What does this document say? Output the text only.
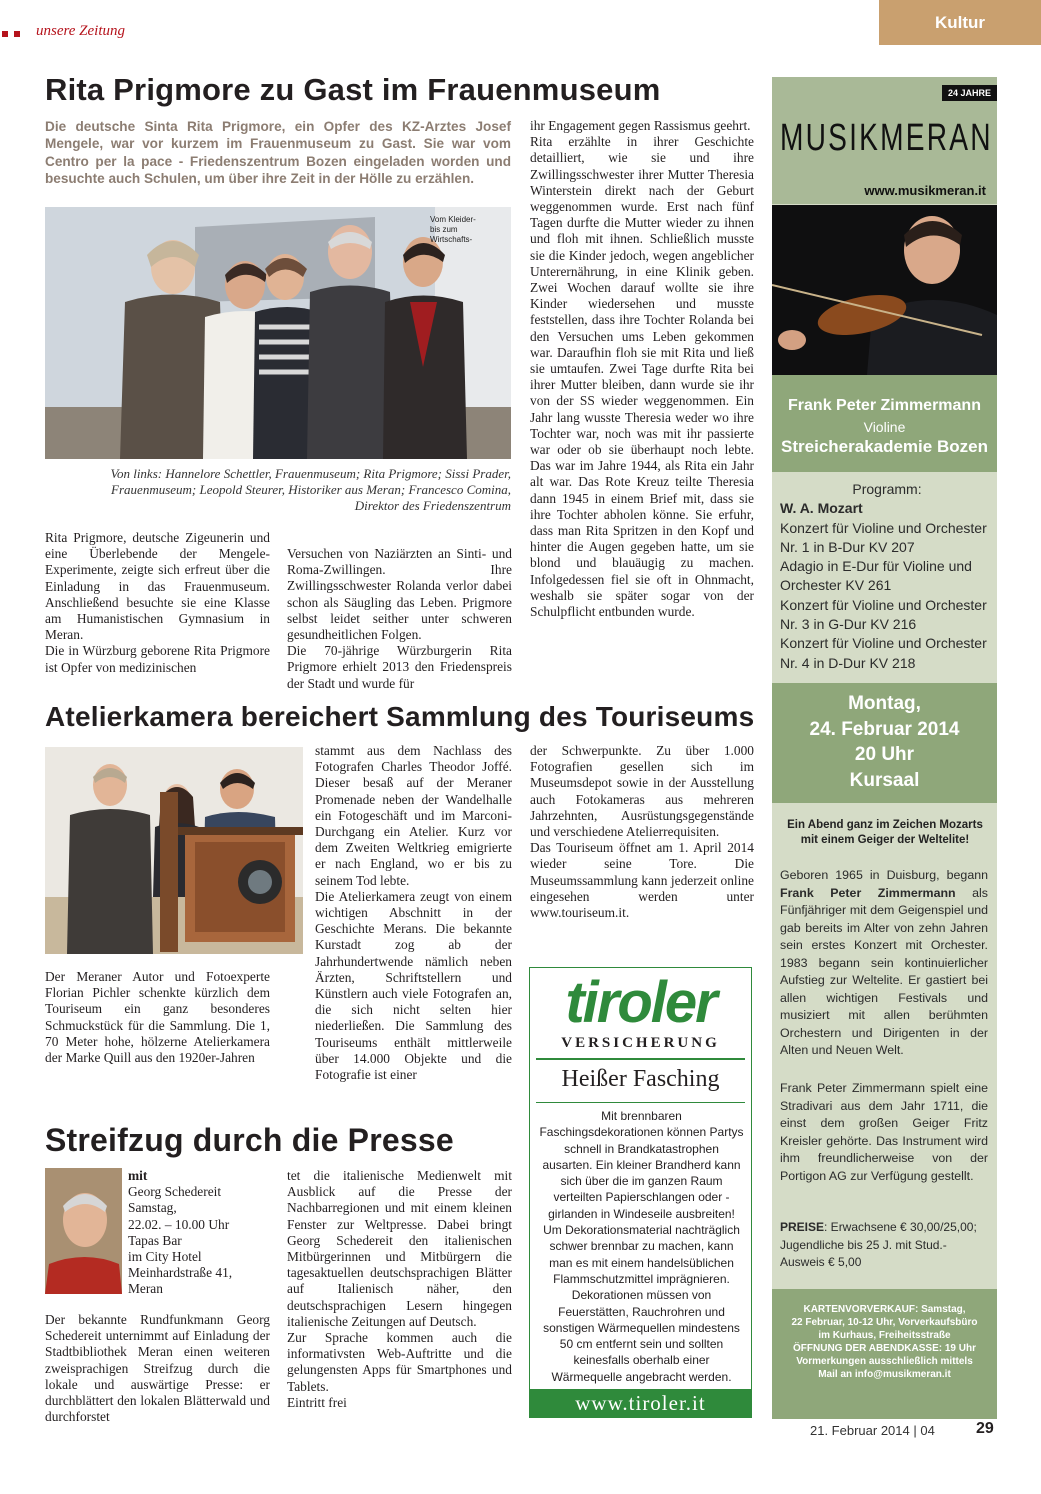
unsere Zeitung	Kultur
Rita Prigmore zu Gast im Frauenmuseum
Die deutsche Sinta Rita Prigmore, ein Opfer des KZ-Arztes Josef Mengele, war vor kurzem im Frauenmuseum zu Gast. Sie war vom Centro per la pace - Friedenszentrum Bozen eingeladen worden und besuchte auch Schulen, um über ihre Zeit in der Hölle zu erzählen.
Vom Kleider-
bis zum
Wirtschafts-
Von links: Hannelore Schettler, Frauenmuseum; Rita Prigmore; Sissi Prader, Frauenmuseum; Leopold Steurer, Historiker aus Meran; Francesco Comina, Direktor des Friedenszentrum

Rita Prigmore, deutsche Zigeunerin und eine Überlebende der Mengele-Experimente, zeigte sich erfreut über die Einladung in das Frauenmuseum. Anschließend besuchte sie eine Klasse am Humanistischen Gymnasium in Meran.
Die in Würzburg geborene Rita Prigmore ist Opfer von medizinischen

Versuchen von Naziärzten an Sinti- und Roma-Zwillingen. Ihre Zwillingsschwester Rolanda verlor dabei schon als Säugling das Leben. Prigmore selbst leidet seither unter schweren gesundheitlichen Folgen.
Die 70-jährige Würzburgerin Rita Prigmore erhielt 2013 den Friedenspreis der Stadt und wurde für

ihr Engagement gegen Rassismus geehrt.
Rita erzählte in ihrer Geschichte detailliert, wie sie und ihre Zwillingsschwester ihrer Mutter Theresia Winterstein direkt nach der Geburt weggenommen wurde. Erst nach fünf Tagen durfte die Mutter wieder zu ihnen und floh mit ihnen. Schließlich musste sie die Kinder jedoch, wegen angeblicher Unterernährung, in eine Klinik geben. Zwei Wochen darauf wollte sie ihre Kinder wiedersehen und musste feststellen, dass ihre Tochter Rolanda bei den Versuchen ums Leben gekommen war. Daraufhin floh sie mit Rita und ließ sie umtaufen. Zwei Tage durfte Rita bei ihrer Mutter bleiben, dann wurde sie ihr von der SS wieder weggenommen. Ein Jahr lang wusste Theresia weder wo ihre Tochter war, noch was mit ihr passierte war oder ob sie überhaupt noch lebte. Das war im Jahre 1944, als Rita ein Jahr alt war. Das Rote Kreuz teilte Theresia dann 1945 in einem Brief mit, dass sie ihre Tochter abholen könne. Sie erfuhr, dass man Rita Spritzen in den Kopf und hinter die Augen gegeben hatte, um sie blond und blauäugig zu machen. Infolgedessen fiel sie oft in Ohnmacht, weshalb sie später sogar von der Schulpflicht entbunden wurde.

Atelierkamera bereichert Sammlung des Touriseums

Der Meraner Autor und Fotoexperte Florian Pichler schenkte kürzlich dem Touriseum ein ganz besonderes Schmuckstück für die Sammlung. Die 1, 70 Meter hohe, hölzerne Atelierkamera der Marke Quill aus den 1920er-Jahren

stammt aus dem Nachlass des Fotografen Charles Theodor Joffé. Dieser besaß auf der Meraner Promenade neben der Wandelhalle ein Fotogeschäft und im Marconi-Durchgang ein Atelier. Kurz vor dem Zweiten Weltkrieg emigrierte er nach England, wo er bis zu seinem Tod lebte.
Die Atelierkamera zeugt von einem wichtigen Abschnitt in der Geschichte Merans. Die bekannte Kurstadt zog ab der Jahrhundertwende nämlich neben Ärzten, Schriftstellern und Künstlern auch viele Fotografen an, die sich nicht selten hier niederließen. Die Sammlung des Touriseums enthält mittlerweile über 14.000 Objekte und die Fotografie ist einer

der Schwerpunkte. Zu über 1.000 Fotografien gesellen sich im Museumsdepot sowie in der Ausstellung auch Fotokameras aus mehreren Jahrzehnten, Ausrüstungsgegenstände und verschiedene Atelierrequisiten.
Das Touriseum öffnet am 1. April 2014 wieder seine Tore. Die Museumssammlung kann jederzeit online eingesehen werden unter www.touriseum.it.

Streifzug durch die Presse
mit
Georg Schedereit
Samstag,
22.02. – 10.00 Uhr
Tapas Bar
im City Hotel
Meinhardstraße 41,
Meran

Der bekannte Rundfunkmann Georg Schedereit unternimmt auf Einladung der Stadtbibliothek Meran einen weiteren zweisprachigen Streifzug durch die lokale und auswärtige Presse: er durchblättert den lokalen Blätterwald und durchforstet

tet die italienische Medienwelt mit Ausblick auf die Presse der Nachbarregionen und mit einem kleinen Fenster zur Weltpresse. Dabei bringt Georg Schedereit den italienischen Mitbürgerinnen und Mitbürgern die tagesaktuellen deutschsprachigen Blätter auf Italienisch näher, den deutschsprachigen Lesern hingegen italienische Zeitungen auf Deutsch.
Zur Sprache kommen auch die informativsten Web-Auftritte und die gelungensten Apps für Smartphones und Tablets.
Eintritt frei

tiroler
VERSICHERUNG
Heißer Fasching
Mit brennbaren Faschingsdekorationen können Partys schnell in Brandkatastrophen ausarten. Ein kleiner Brandherd kann sich über die im ganzen Raum verteilten Papierschlangen oder -girlanden in Windeseile ausbreiten! Um Dekorationsmaterial nachträglich schwer brennbar zu machen, kann man es mit einem handelsüblichen Flammschutzmittel imprägnieren. Dekorationen müssen von Feuerstätten, Rauchrohren und sonstigen Wärmequellen mindestens 50 cm entfernt sein und sollten keinesfalls oberhalb einer Wärmequelle angebracht werden.
www.tiroler.it
24 JAHRE
MUSIKMERAN
www.musikmeran.it
Frank Peter Zimmermann
Violine
Streicherakademie Bozen

Programm:

W. A. Mozart

Konzert für Violine und Orchester

Nr. 1 in B-Dur KV 207

Adagio in E-Dur für Violine und

Orchester KV 261

Konzert für Violine und Orchester

Nr. 3 in G-Dur KV 216

Konzert für Violine und Orchester

Nr. 4 in D-Dur KV 218

Montag,
24. Februar 2014
20 Uhr
Kursaal
Ein Abend ganz im Zeichen Mozarts mit einem Geiger der Weltelite!
Geboren 1965 in Duisburg, begann Frank Peter Zimmermann als Fünfjähriger mit dem Geigenspiel und gab bereits im Alter von zehn Jahren sein erstes Konzert mit Orchester. 1983 begann sein kontinuierlicher Aufstieg zur Weltelite. Er gastiert bei allen wichtigen Festivals und musiziert mit allen berühmten Orchestern und Dirigenten in der Alten und Neuen Welt.
Frank Peter Zimmermann spielt eine Stradivari aus dem Jahr 1711, die einst dem großen Geiger Fritz Kreisler gehörte. Das Instrument wird ihm freundlicherweise von der Portigon AG zur Verfügung gestellt.
PREISE: Erwachsene € 30,00/25,00; Jugendliche bis 25 J. mit Stud.-Ausweis € 5,00
KARTENVORVERKAUF: Samstag,
22 Februar, 10-12 Uhr, Vorverkaufsbüro
im Kurhaus, Freiheitsstraße
ÖFFNUNG DER ABENDKASSE: 19 Uhr
Vormerkungen ausschließlich mittels
Mail an info@musikmeran.it
21. Februar 2014 | 04	29
